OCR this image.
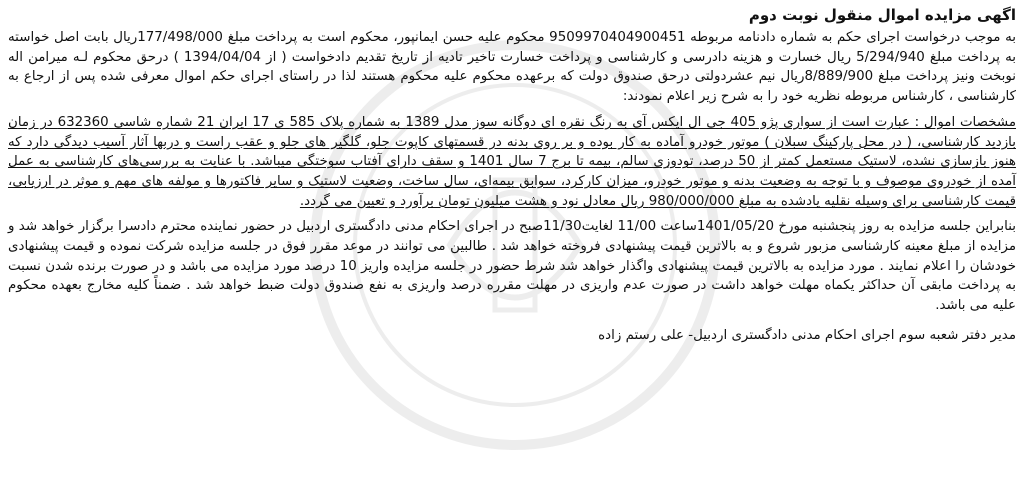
اگهی مزایده اموال منقول نوبت دوم

به موجب درخواست اجرای حکم به شماره دادنامه مربوطه 9509970404900451 محکوم علیه حسن ایمانپور، محکوم است به پرداخت مبلغ 177/498/000ریال بابت اصل خواسته به پرداخت مبلغ 5/294/940 ریال خسارت و هزینه دادرسی و کارشناسی و پرداخت خسارت تاخیر تادیه از تاریخ تقدیم دادخواست ( از 1394/04/04 ) درحق محکوم لـه میرامن اله نوبخت ونیز پرداخت مبلغ 8/889/900ریال نیم عشردولتی درحق صندوق دولت که برعهده محکوم علیه محکوم هستند لذا در راستای اجرای حکم اموال معرفی شده پس از ارجاع به کارشناسی ، کارشناس مربوطه نظریه خود را به شرح زیر اعلام نمودند:

مشخصات اموال : عبارت است از سواری پژو 405 جی ال ایکس آی به رنگ نقره ای دوگانه سوز مدل 1389 به شماره پلاک 585 ی 17 ایران 21 شماره شاسی 632360 در زمان بازدید کارشناسی، ( در محل پارکینگ سبلان ) موتور خودرو آماده به کار بوده و بر روی بدنه در قسمتهای کاپوت جلو، گلگیر های جلو و عقب راست و دربها آثار آسیب دیدگی دارد که هنوز بازسازی نشده، لاستیک مستعمل کمتر از 50 درصد، تودوزی سالم، بیمه تا برج 7 سال 1401 و سقف دارای آفتاب سوختگی میباشد. با عنایت به بررسی‌های کارشناسی به عمل آمده از خودروی موصوف و با توجه به وضعیت بدنه و موتور خودرو، میزان کارکرد، سوابق بیمه‌ای، سال ساخت، وضعیت لاستیک و سایر فاکتورها و مولفه های مهم و موثر در ارزیابی، قیمت کارشناسی برای وسیله نقلیه یادشده به مبلغ 980/000/000 ریال معادل نود و هشت میلیون تومان برآورد و تعیین می گردد.

بنابراین جلسه مزایده به روز پنجشنبه مورخ 1401/05/20ساعت 11/00 لغایت11/30صبح در اجرای احکام مدنی دادگستری اردبیل در حضور نماینده محترم دادسرا برگزار خواهد شد و مزایده از مبلغ معینه کارشناسی مزبور شروع و به بالاترین قیمت پیشنهادی فروخته خواهد شد . طالبین می توانند در موعد مقرر فوق در جلسه مزایده شرکت نموده و قیمت پیشنهادی خودشان را اعلام نمایند . مورد مزایده به بالاترین قیمت پیشنهادی واگذار خواهد شد شرط حضور در جلسه مزایده واریز 10 درصد مورد مزایده می باشد و در صورت برنده شدن نسبت به پرداخت مابقی آن حداکثر یکماه مهلت خواهد داشت در صورت عدم واریزی در مهلت مقرره درصد واریزی به نفع صندوق دولت ضبط خواهد شد . ضمناً کلیه مخارج بعهده محکوم علیه می باشد.

مدیر دفتر شعبه سوم اجرای احکام مدنی دادگستری اردبیل- علی رستم زاده
